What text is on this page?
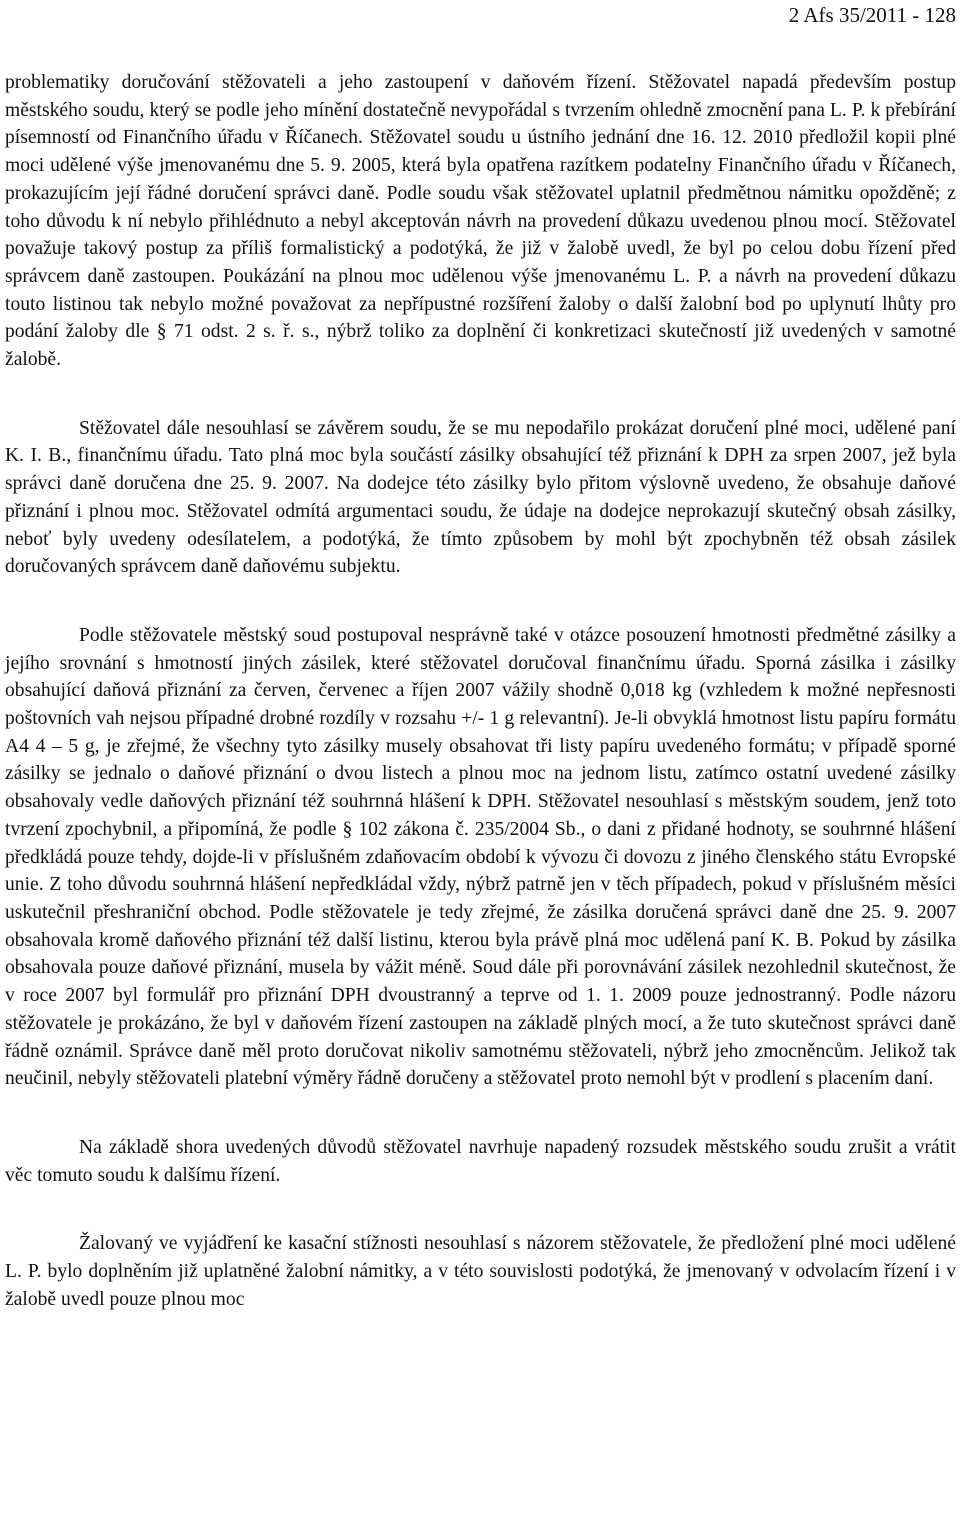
2 Afs 35/2011 - 128

problematiky doručování stěžovateli a jeho zastoupení v daňovém řízení. Stěžovatel napadá především postup městského soudu, který se podle jeho mínění dostatečně nevypořádal s tvrzením ohledně zmocnění pana L. P. k přebírání písemností od Finančního úřadu v Říčanech. Stěžovatel soudu u ústního jednání dne 16. 12. 2010 předložil kopii plné moci udělené výše jmenovanému dne 5. 9. 2005, která byla opatřena razítkem podatelny Finančního úřadu v Říčanech, prokazujícím její řádné doručení správci daně. Podle soudu však stěžovatel uplatnil předmětnou námitku opožděně; z toho důvodu k ní nebylo přihlédnuto a nebyl akceptován návrh na provedení důkazu uvedenou plnou mocí. Stěžovatel považuje takový postup za příliš formalistický a podotýká, že již v žalobě uvedl, že byl po celou dobu řízení před správcem daně zastoupen. Poukázání na plnou moc udělenou výše jmenovanému L. P. a návrh na provedení důkazu touto listinou tak nebylo možné považovat za nepřípustné rozšíření žaloby o další žalobní bod po uplynutí lhůty pro podání žaloby dle § 71 odst. 2 s. ř. s., nýbrž toliko za doplnění či konkretizaci skutečností již uvedených v samotné žalobě.

Stěžovatel dále nesouhlasí se závěrem soudu, že se mu nepodařilo prokázat doručení plné moci, udělené paní K. I. B., finančnímu úřadu. Tato plná moc byla součástí zásilky obsahující též přiznání k DPH za srpen 2007, jež byla správci daně doručena dne 25. 9. 2007. Na dodejce této zásilky bylo přitom výslovně uvedeno, že obsahuje daňové přiznání i plnou moc. Stěžovatel odmítá argumentaci soudu, že údaje na dodejce neprokazují skutečný obsah zásilky, neboť byly uvedeny odesílatelem, a podotýká, že tímto způsobem by mohl být zpochybněn též obsah zásilek doručovaných správcem daně daňovému subjektu.

Podle stěžovatele městský soud postupoval nesprávně také v otázce posouzení hmotnosti předmětné zásilky a jejího srovnání s hmotností jiných zásilek, které stěžovatel doručoval finančnímu úřadu. Sporná zásilka i zásilky obsahující daňová přiznání za červen, červenec a říjen 2007 vážily shodně 0,018 kg (vzhledem k možné nepřesnosti poštovních vah nejsou případné drobné rozdíly v rozsahu +/- 1 g relevantní). Je-li obvyklá hmotnost listu papíru formátu A4 4 – 5 g, je zřejmé, že všechny tyto zásilky musely obsahovat tři listy papíru uvedeného formátu; v případě sporné zásilky se jednalo o daňové přiznání o dvou listech a plnou moc na jednom listu, zatímco ostatní uvedené zásilky obsahovaly vedle daňových přiznání též souhrnná hlášení k DPH. Stěžovatel nesouhlasí s městským soudem, jenž toto tvrzení zpochybnil, a připomíná, že podle § 102 zákona č. 235/2004 Sb., o dani z přidané hodnoty, se souhrnné hlášení předkládá pouze tehdy, dojde-li v příslušném zdaňovacím období k vývozu či dovozu z jiného členského státu Evropské unie. Z toho důvodu souhrnná hlášení nepředkládal vždy, nýbrž patrně jen v těch případech, pokud v příslušném měsíci uskutečnil přeshraniční obchod. Podle stěžovatele je tedy zřejmé, že zásilka doručená správci daně dne 25. 9. 2007 obsahovala kromě daňového přiznání též další listinu, kterou byla právě plná moc udělená paní K. B. Pokud by zásilka obsahovala pouze daňové přiznání, musela by vážit méně. Soud dále při porovnávání zásilek nezohlednil skutečnost, že v roce 2007 byl formulář pro přiznání DPH dvoustranný a teprve od 1. 1. 2009 pouze jednostranný. Podle názoru stěžovatele je prokázáno, že byl v daňovém řízení zastoupen na základě plných mocí, a že tuto skutečnost správci daně řádně oznámil. Správce daně měl proto doručovat nikoliv samotnému stěžovateli, nýbrž jeho zmocněncům. Jelikož tak neučinil, nebyly stěžovateli platební výměry řádně doručeny a stěžovatel proto nemohl být v prodlení s placením daní.

Na základě shora uvedených důvodů stěžovatel navrhuje napadený rozsudek městského soudu zrušit a vrátit věc tomuto soudu k dalšímu řízení.

Žalovaný ve vyjádření ke kasační stížnosti nesouhlasí s názorem stěžovatele, že předložení plné moci udělené L. P. bylo doplněním již uplatněné žalobní námitky, a v této souvislosti podotýká, že jmenovaný v odvolacím řízení i v žalobě uvedl pouze plnou moc
